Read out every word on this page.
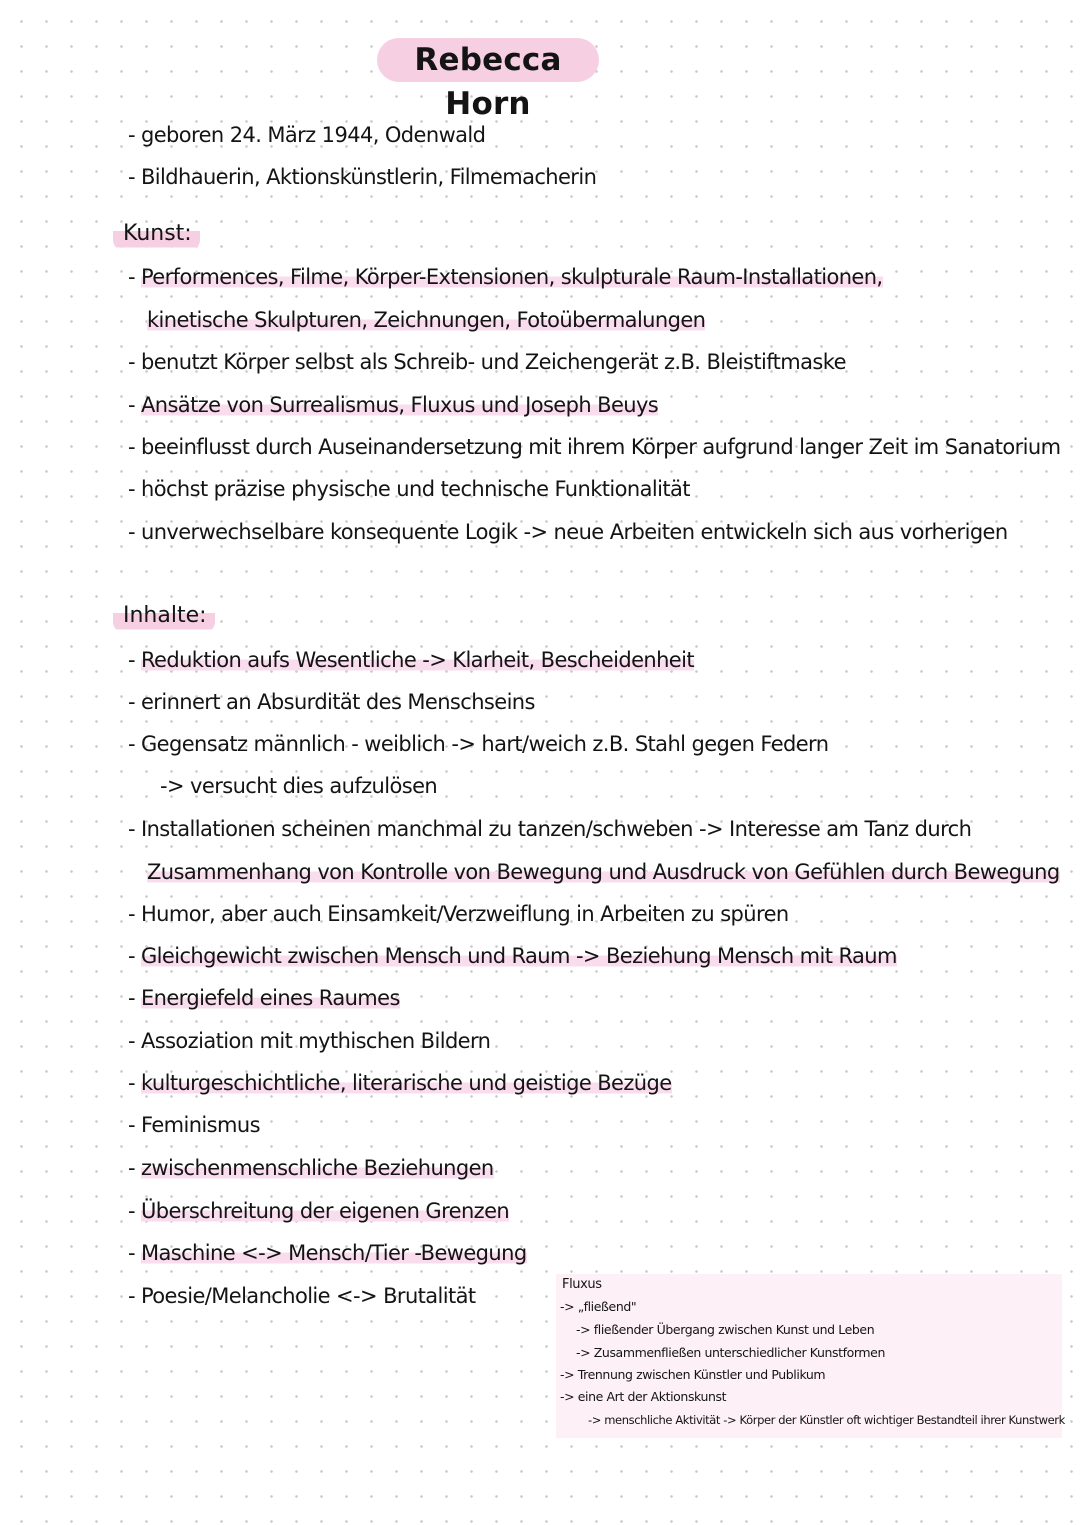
Rebecca Horn
- geboren 24. März 1944, Odenwald
- Bildhauerin, Aktionskünstlerin, Filmemacherin
Kunst:
- Performences, Filme, Körper-Extensionen, skulpturale Raum-Installationen,
kinetische Skulpturen, Zeichnungen, Fotoübermalungen
- benutzt Körper selbst als Schreib- und Zeichengerät z.B. Bleistiftmaske
- Ansätze von Surrealismus, Fluxus und Joseph Beuys
- beeinflusst durch Auseinandersetzung mit ihrem Körper aufgrund langer Zeit im Sanatorium
- höchst präzise physische und technische Funktionalität
- unverwechselbare konsequente Logik -> neue Arbeiten entwickeln sich aus vorherigen
Inhalte:
- Reduktion aufs Wesentliche -> Klarheit, Bescheidenheit
- erinnert an Absurdität des Menschseins
- Gegensatz männlich - weiblich -> hart/weich z.B. Stahl gegen Federn
-> versucht dies aufzulösen
- Installationen scheinen manchmal zu tanzen/schweben -> Interesse am Tanz durch
Zusammenhang von Kontrolle von Bewegung und Ausdruck von Gefühlen durch Bewegung
- Humor, aber auch Einsamkeit/Verzweiflung in Arbeiten zu spüren
- Gleichgewicht zwischen Mensch und Raum -> Beziehung Mensch mit Raum
- Energiefeld eines Raumes
- Assoziation mit mythischen Bildern
- kulturgeschichtliche, literarische und geistige Bezüge
- Feminismus
- zwischenmenschliche Beziehungen
- Überschreitung der eigenen Grenzen
- Maschine <-> Mensch/Tier -Bewegung
- Poesie/Melancholie <-> Brutalität	Fluxus
-> „fließend"
-> fließender Übergang zwischen Kunst und Leben
-> Zusammenfließen unterschiedlicher Kunstformen
-> Trennung zwischen Künstler und Publikum
-> eine Art der Aktionskunst
-> menschliche Aktivität -> Körper der Künstler oft wichtiger Bestandteil ihrer Kunstwerk
